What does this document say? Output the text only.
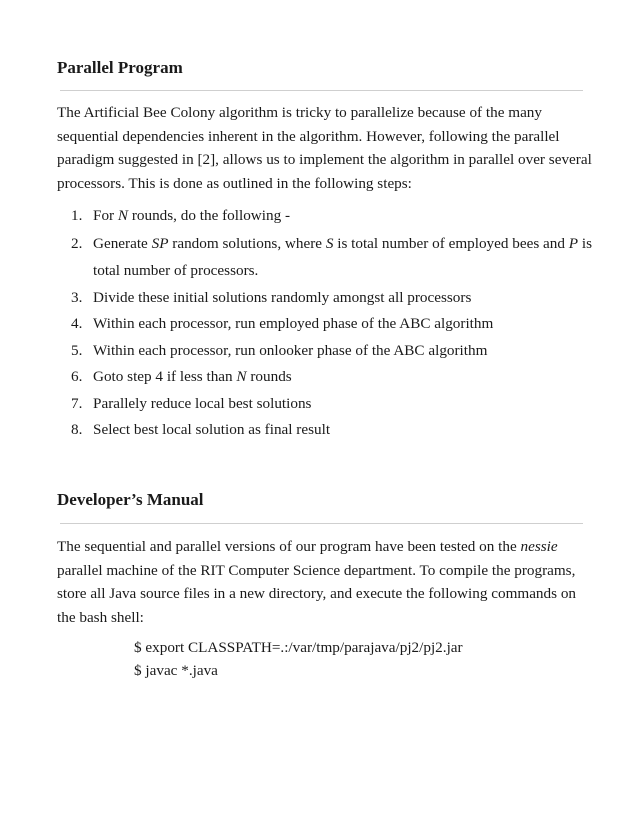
Parallel Program

The Artificial Bee Colony algorithm is tricky to parallelize because of the many sequential dependencies inherent in the algorithm. However, following the parallel paradigm suggested in [2], allows us to implement the algorithm in parallel over several processors. This is done as outlined in the following steps:

1. For N rounds, do the following -
2. Generate SP random solutions, where S is total number of employed bees and P is total number of processors.
3. Divide these initial solutions randomly amongst all processors
4. Within each processor, run employed phase of the ABC algorithm
5. Within each processor, run onlooker phase of the ABC algorithm
6. Goto step 4 if less than N rounds
7. Parallely reduce local best solutions
8. Select best local solution as final result
Developer’s Manual

The sequential and parallel versions of our program have been tested on the nessie parallel machine of the RIT Computer Science department. To compile the programs, store all Java source files in a new directory, and execute the following commands on the bash shell:

$ export CLASSPATH=.:/var/tmp/parajava/pj2/pj2.jar
$ javac *.java
